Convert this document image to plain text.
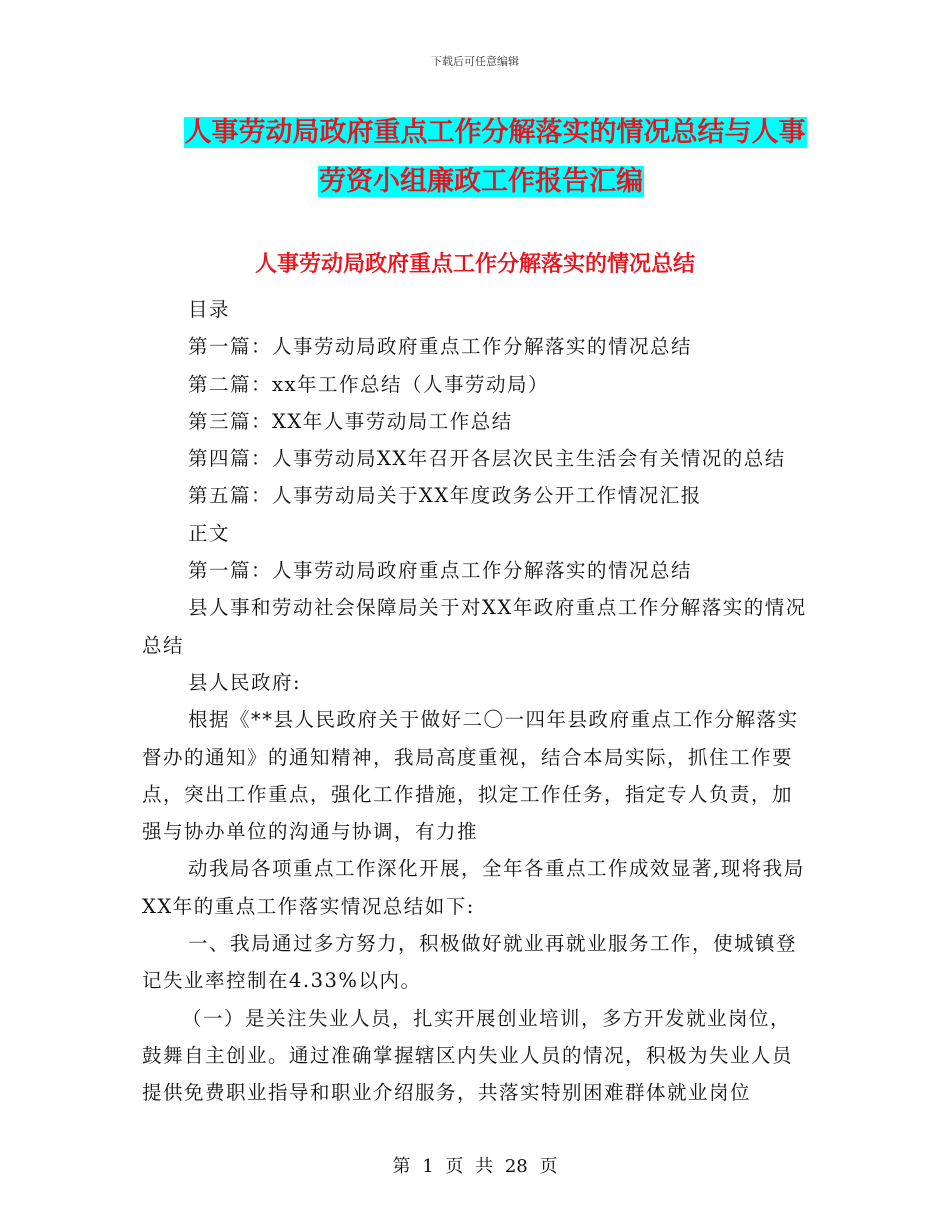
下载后可任意编辑
人事劳动局政府重点工作分解落实的情况总结与人事
劳资小组廉政工作报告汇编
人事劳动局政府重点工作分解落实的情况总结

目录

第一篇：人事劳动局政府重点工作分解落实的情况总结

第二篇：xx年工作总结（人事劳动局）

第三篇：XX年人事劳动局工作总结

第四篇：人事劳动局XX年召开各层次民主生活会有关情况的总结

第五篇：人事劳动局关于XX年度政务公开工作情况汇报

正文

第一篇：人事劳动局政府重点工作分解落实的情况总结

县人事和劳动社会保障局关于对XX年政府重点工作分解落实的情况总结

县人民政府:

根据《**县人民政府关于做好二〇一四年县政府重点工作分解落实督办的通知》的通知精神，我局高度重视，结合本局实际，抓住工作要点，突出工作重点，强化工作措施，拟定工作任务，指定专人负责，加强与协办单位的沟通与协调，有力推

动我局各项重点工作深化开展，全年各重点工作成效显著,现将我局XX年的重点工作落实情况总结如下:

一、我局通过多方努力，积极做好就业再就业服务工作，使城镇登记失业率控制在4.33%以内。

（一）是关注失业人员，扎实开展创业培训，多方开发就业岗位，鼓舞自主创业。通过准确掌握辖区内失业人员的情况，积极为失业人员提供免费职业指导和职业介绍服务，共落实特别困难群体就业岗位

第 1 页 共 28 页
